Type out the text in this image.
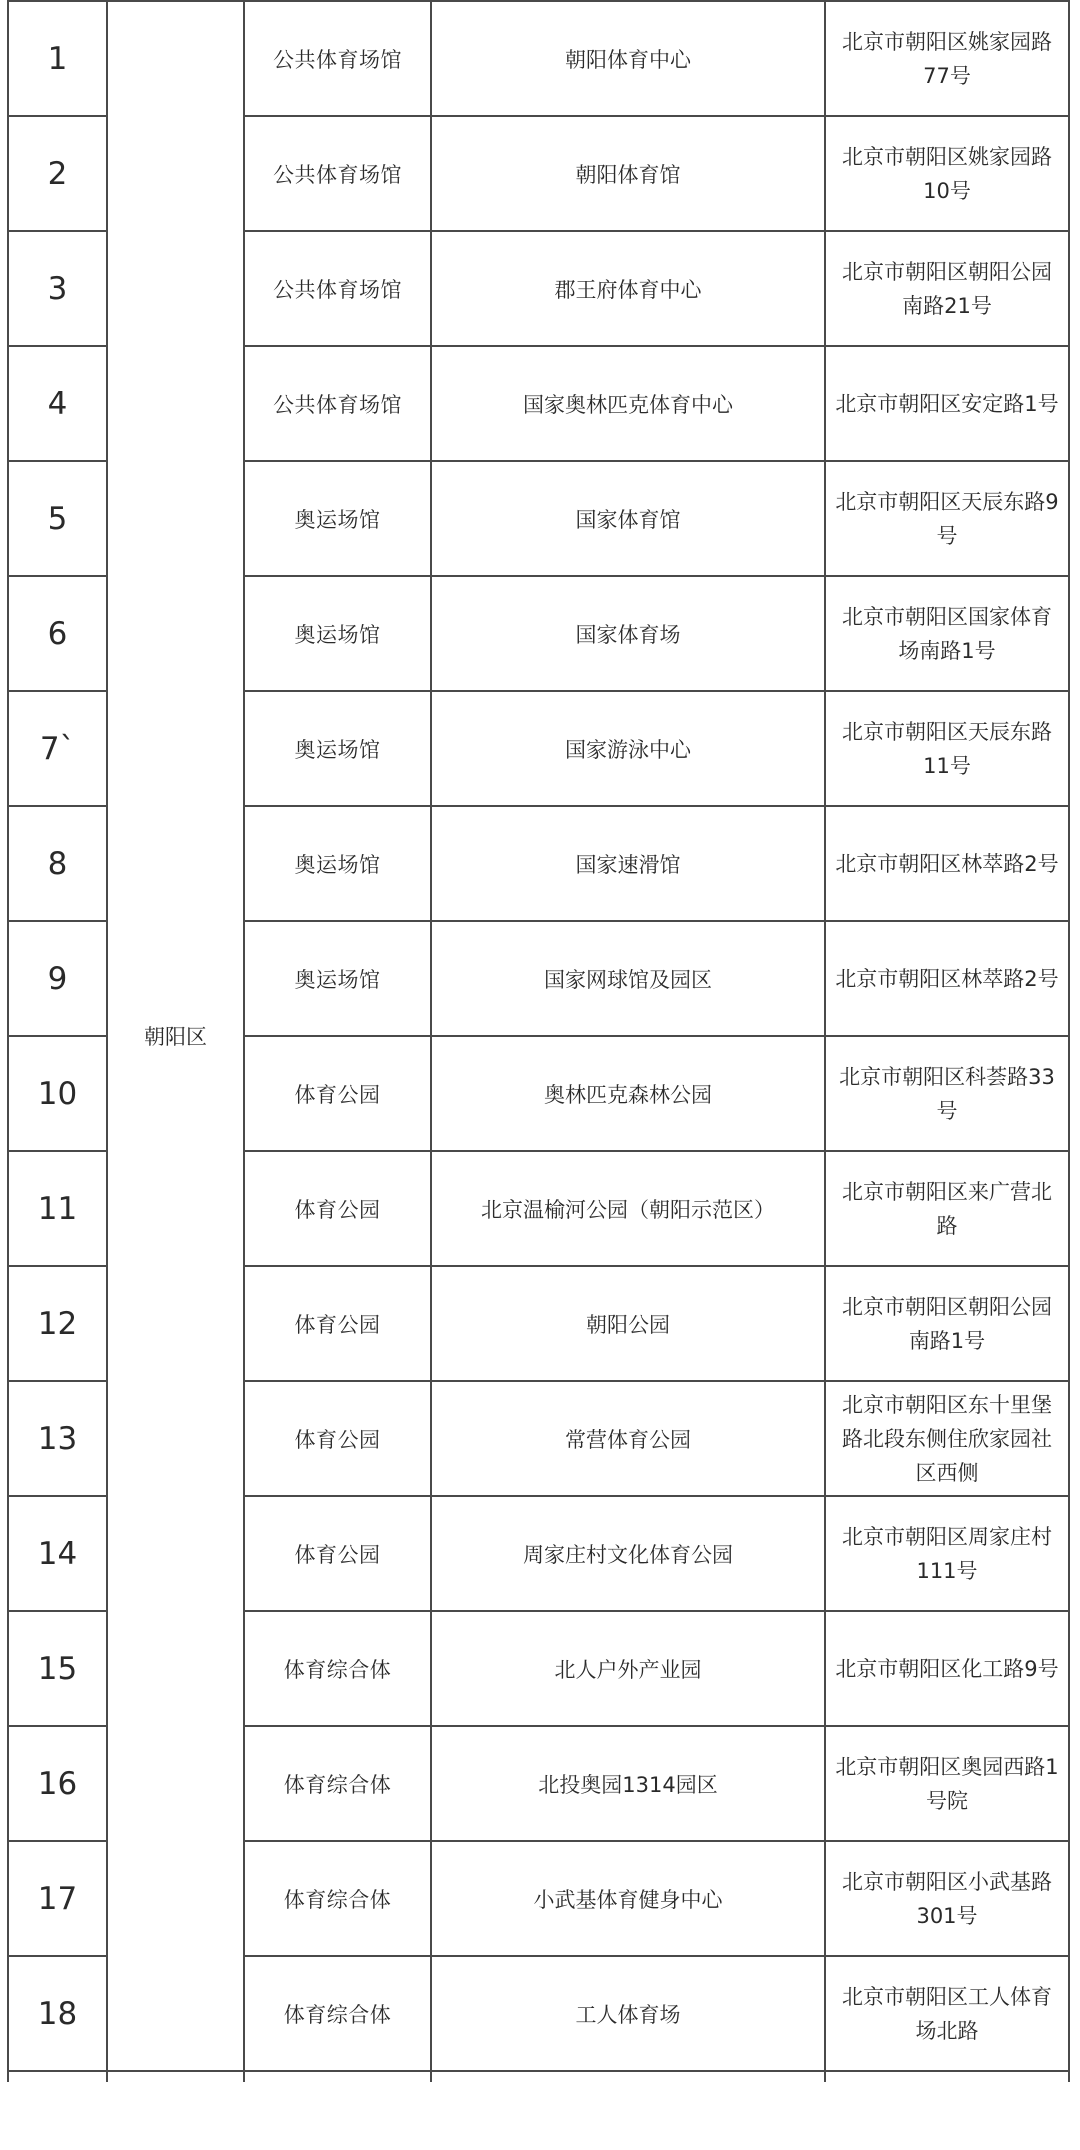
1	朝阳区	公共体育场馆	朝阳体育中心	北京市朝阳区姚家园路77号
2		公共体育场馆	朝阳体育馆	北京市朝阳区姚家园路10号
3		公共体育场馆	郡王府体育中心	北京市朝阳区朝阳公园南路21号
4		公共体育场馆	国家奥林匹克体育中心	北京市朝阳区安定路1号
5		奥运场馆	国家体育馆	北京市朝阳区天辰东路9号
6		奥运场馆	国家体育场	北京市朝阳区国家体育场南路1号
7`		奥运场馆	国家游泳中心	北京市朝阳区天辰东路11号
8		奥运场馆	国家速滑馆	北京市朝阳区林萃路2号
9		奥运场馆	国家网球馆及园区	北京市朝阳区林萃路2号
10		体育公园	奥林匹克森林公园	北京市朝阳区科荟路33号
11		体育公园	北京温榆河公园（朝阳示范区）	北京市朝阳区来广营北路
12		体育公园	朝阳公园	北京市朝阳区朝阳公园南路1号
13		体育公园	常营体育公园	北京市朝阳区东十里堡路北段东侧住欣家园社区西侧
14		体育公园	周家庄村文化体育公园	北京市朝阳区周家庄村111号
15		体育综合体	北人户外产业园	北京市朝阳区化工路9号
16		体育综合体	北投奥园1314园区	北京市朝阳区奥园西路1号院
17		体育综合体	小武基体育健身中心	北京市朝阳区小武基路301号
18		体育综合体	工人体育场	北京市朝阳区工人体育场北路
